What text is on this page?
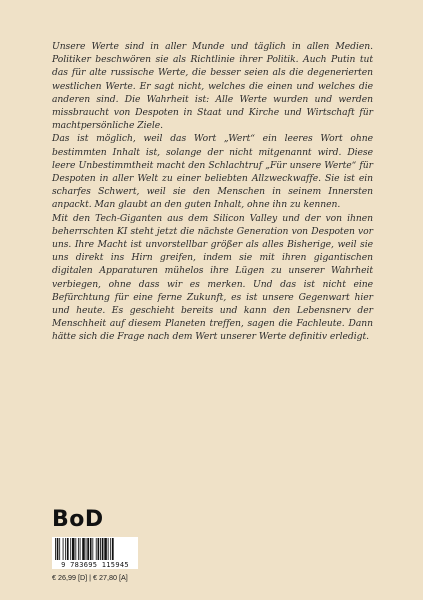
Unsere Werte sind in aller Munde und täglich in allen Medien. Politiker beschwören sie als Richtlinie ihrer Politik. Auch Putin tut das für alte russische Werte, die besser seien als die degenerierten westlichen Werte. Er sagt nicht, welches die einen und welches die anderen sind. Die Wahrheit ist: Alle Werte wurden und werden missbraucht von Despoten in Staat und Kirche und Wirtschaft für machtpersönliche Ziele.

Das ist möglich, weil das Wort „Wert“ ein leeres Wort ohne bestimmten Inhalt ist, solange der nicht mitgenannt wird. Diese leere Unbestimmtheit macht den Schlachtruf „Für unsere Werte“ für Despoten in aller Welt zu einer beliebten Allzweckwaffe. Sie ist ein scharfes Schwert, weil sie den Menschen in seinem Innersten anpackt. Man glaubt an den guten Inhalt, ohne ihn zu kennen.

Mit den Tech-Giganten aus dem Silicon Valley und der von ihnen beherrschten KI steht jetzt die nächste Generation von Despoten vor uns. Ihre Macht ist unvorstellbar größer als alles Bisherige, weil sie uns direkt ins Hirn greifen, indem sie mit ihren gigantischen digitalen Apparaturen mühelos ihre Lügen zu unserer Wahrheit verbiegen, ohne dass wir es merken. Und das ist nicht eine Befürchtung für eine ferne Zukunft, es ist unsere Gegenwart hier und heute. Es geschieht bereits und kann den Lebensnerv der Menschheit auf diesem Planeten treffen, sagen die Fachleute. Dann hätte sich die Frage nach dem Wert unserer Werte definitiv erledigt.

BoD
9 783695 115945
€ 26,99 [D] | € 27,80 [A]
